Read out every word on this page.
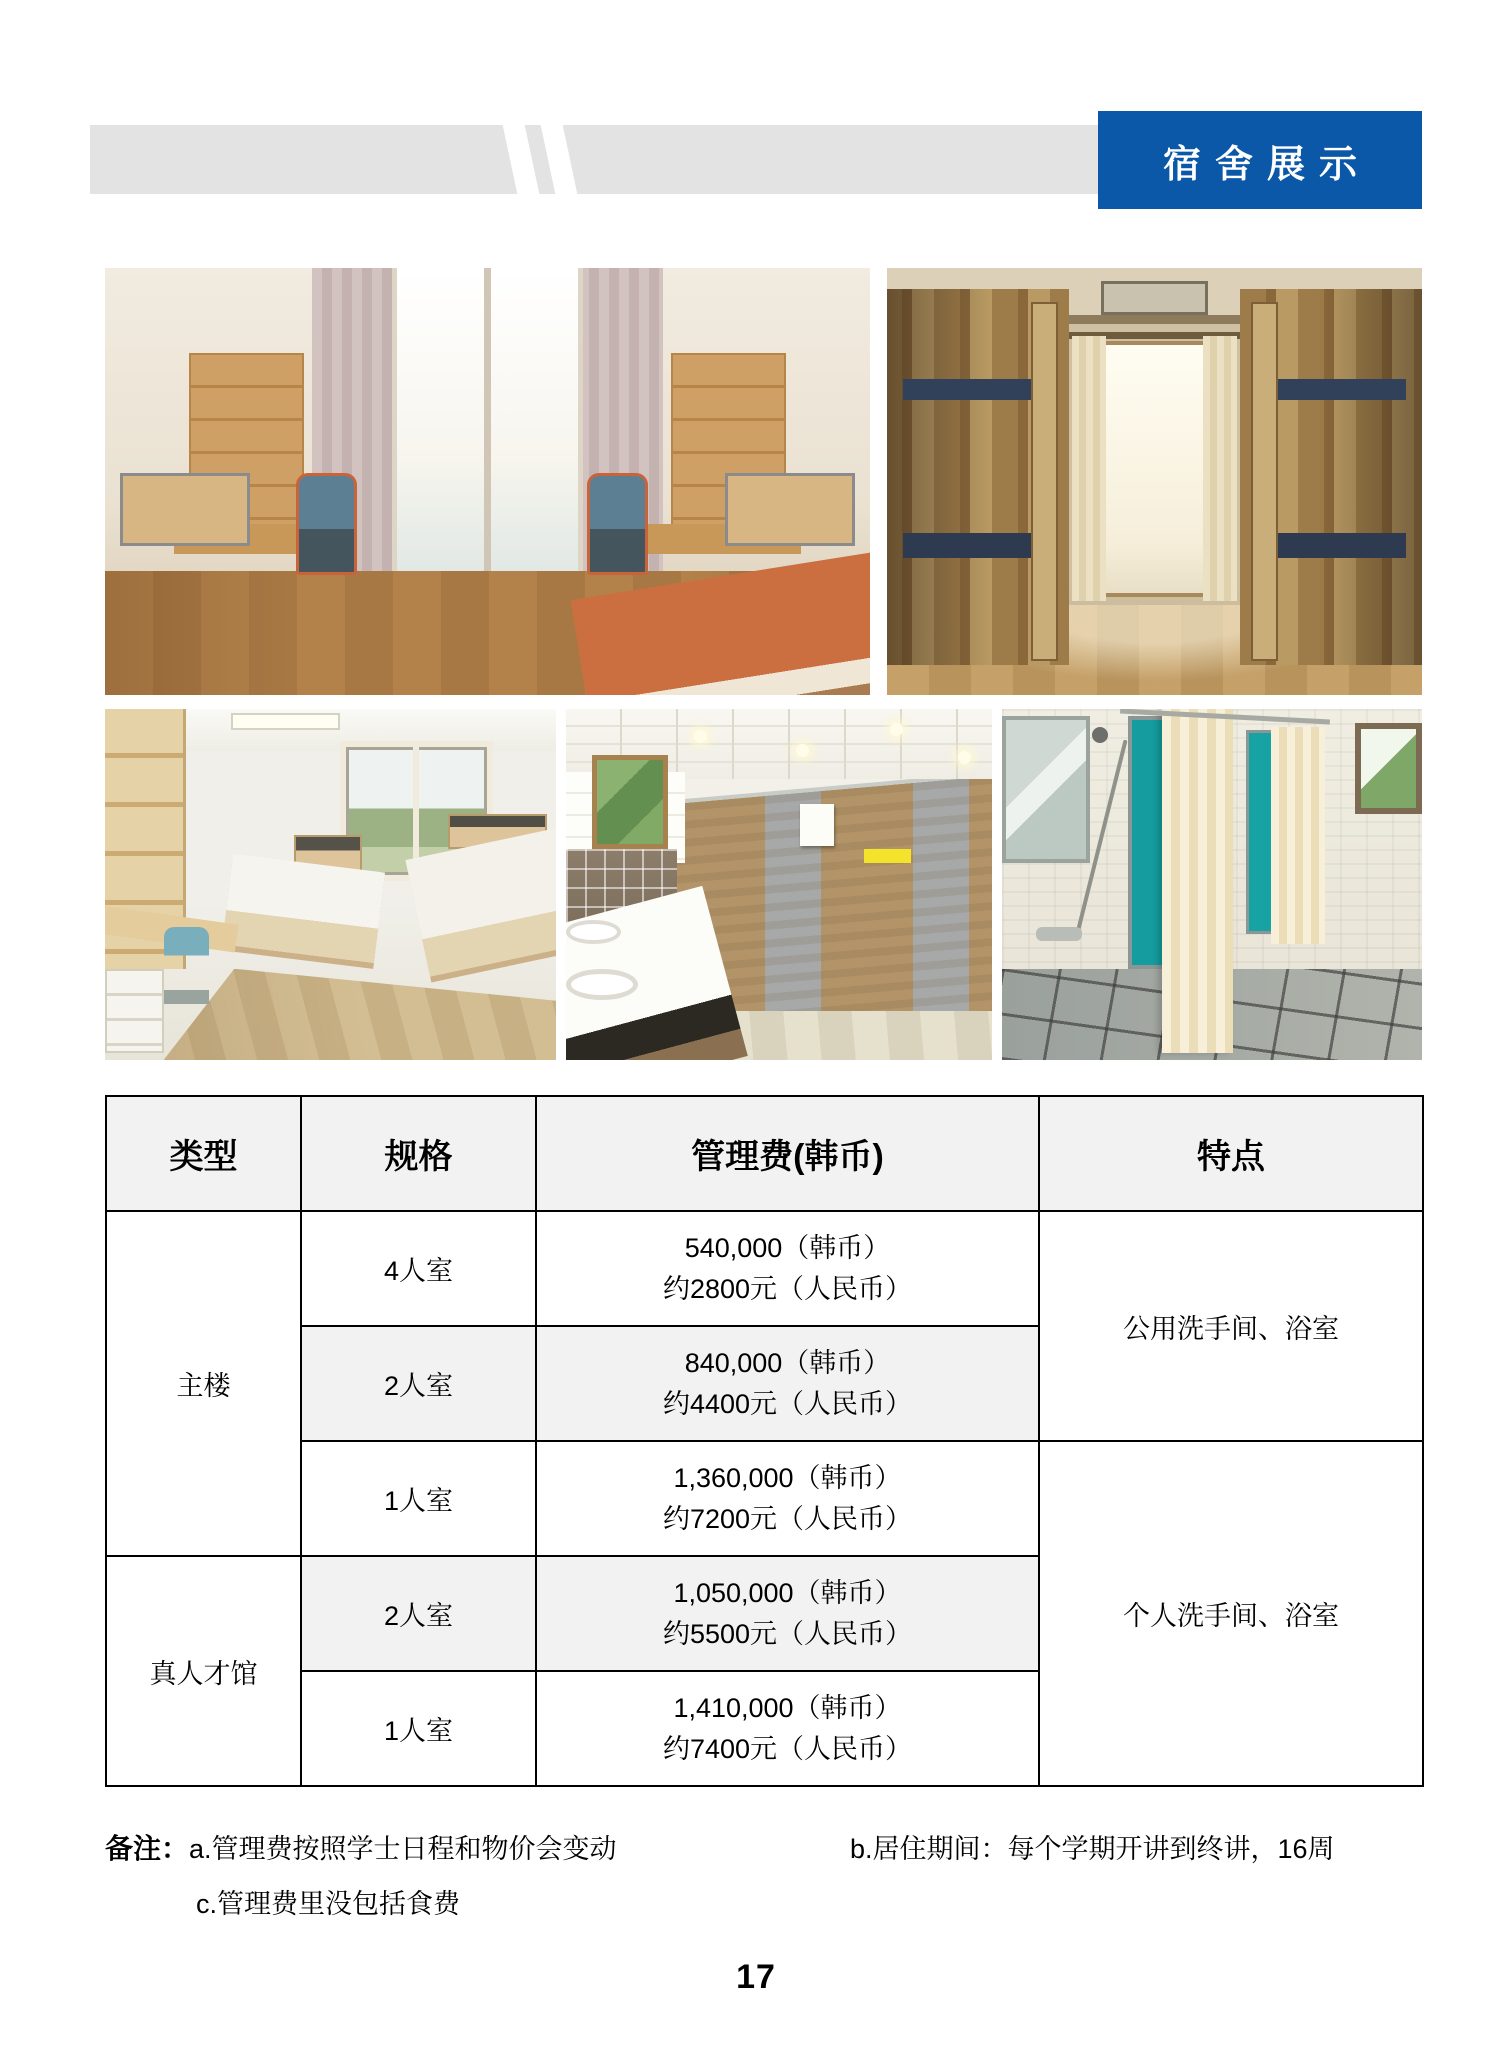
宿舍展示
类型	规格	管理费(韩币)	特点
主楼	4人室	540,000（韩币）
约2800元（人民币）	公用洗手间、浴室
	2人室	840,000（韩币）
约4400元（人民币）	

	1人室	1,360,000（韩币）
约7200元（人民币）	个人洗手间、浴室
真人才馆	2人室	1,050,000（韩币）
约5500元（人民币）	

	1人室	1,410,000（韩币）
约7400元（人民币）	
备注：a.管理费按照学士日程和物价会变动	b.居住期间：每个学期开讲到终讲，16周
c.管理费里没包括食费
17
